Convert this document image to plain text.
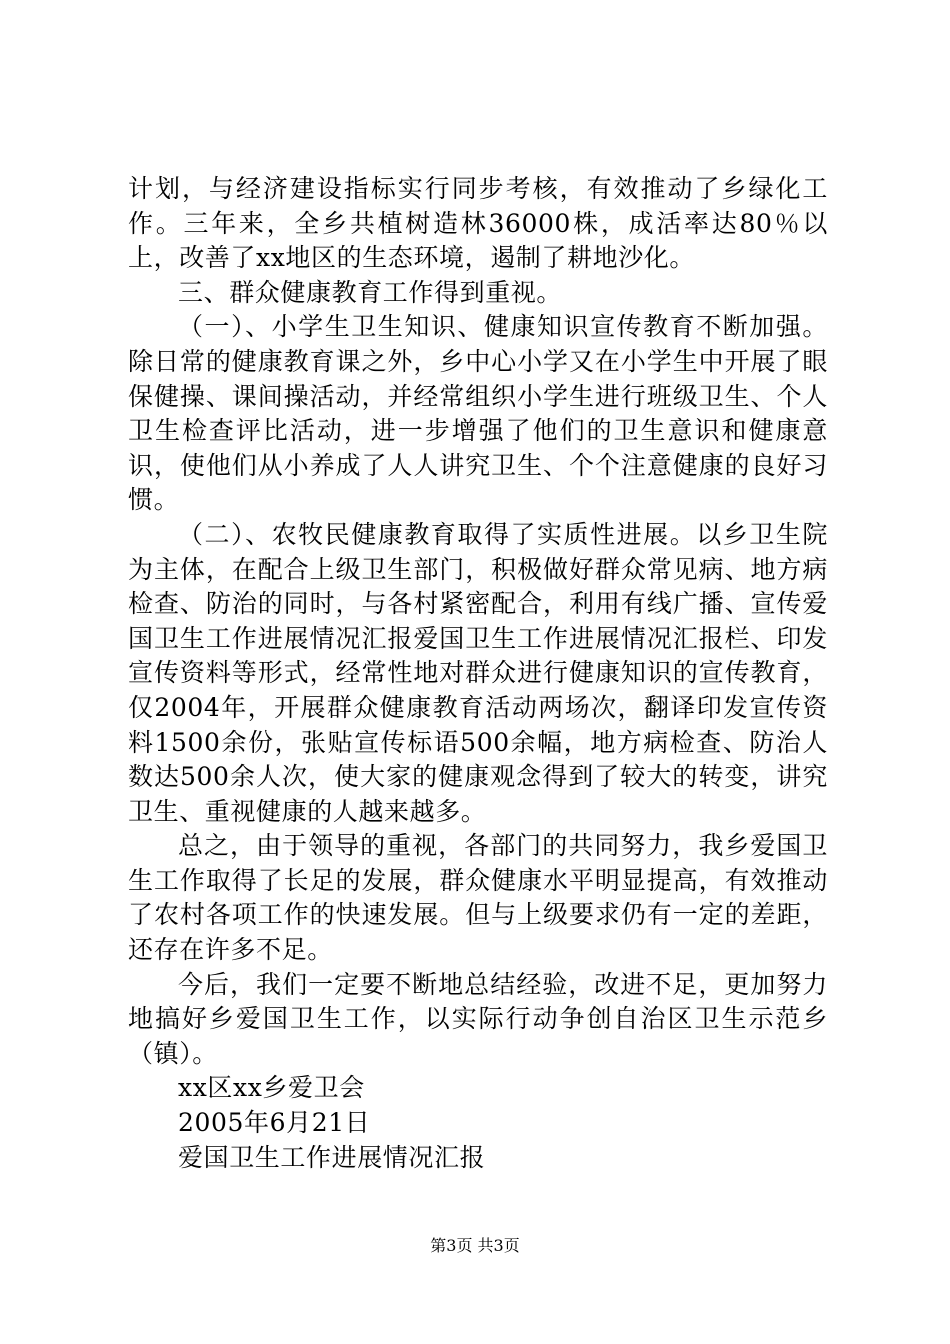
计划，与经济建设指标实行同步考核，有效推动了乡绿化工作。三年来，全乡共植树造林36000株，成活率达80％以上，改善了xx地区的生态环境，遏制了耕地沙化。

三、群众健康教育工作得到重视。

（一）、小学生卫生知识、健康知识宣传教育不断加强。除日常的健康教育课之外，乡中心小学又在小学生中开展了眼保健操、课间操活动，并经常组织小学生进行班级卫生、个人卫生检查评比活动，进一步增强了他们的卫生意识和健康意识，使他们从小养成了人人讲究卫生、个个注意健康的良好习惯。

（二）、农牧民健康教育取得了实质性进展。以乡卫生院为主体，在配合上级卫生部门，积极做好群众常见病、地方病检查、防治的同时，与各村紧密配合，利用有线广播、宣传爱国卫生工作进展情况汇报爱国卫生工作进展情况汇报栏、印发宣传资料等形式，经常性地对群众进行健康知识的宣传教育，仅2004年，开展群众健康教育活动两场次，翻译印发宣传资料1500余份，张贴宣传标语500余幅，地方病检查、防治人数达500余人次，使大家的健康观念得到了较大的转变，讲究卫生、重视健康的人越来越多。

总之，由于领导的重视，各部门的共同努力，我乡爱国卫生工作取得了长足的发展，群众健康水平明显提高，有效推动了农村各项工作的快速发展。但与上级要求仍有一定的差距，还存在许多不足。

今后，我们一定要不断地总结经验，改进不足，更加努力地搞好乡爱国卫生工作，以实际行动争创自治区卫生示范乡（镇）。

xx区xx乡爱卫会

2005年6月21日

爱国卫生工作进展情况汇报

第3页 共3页
